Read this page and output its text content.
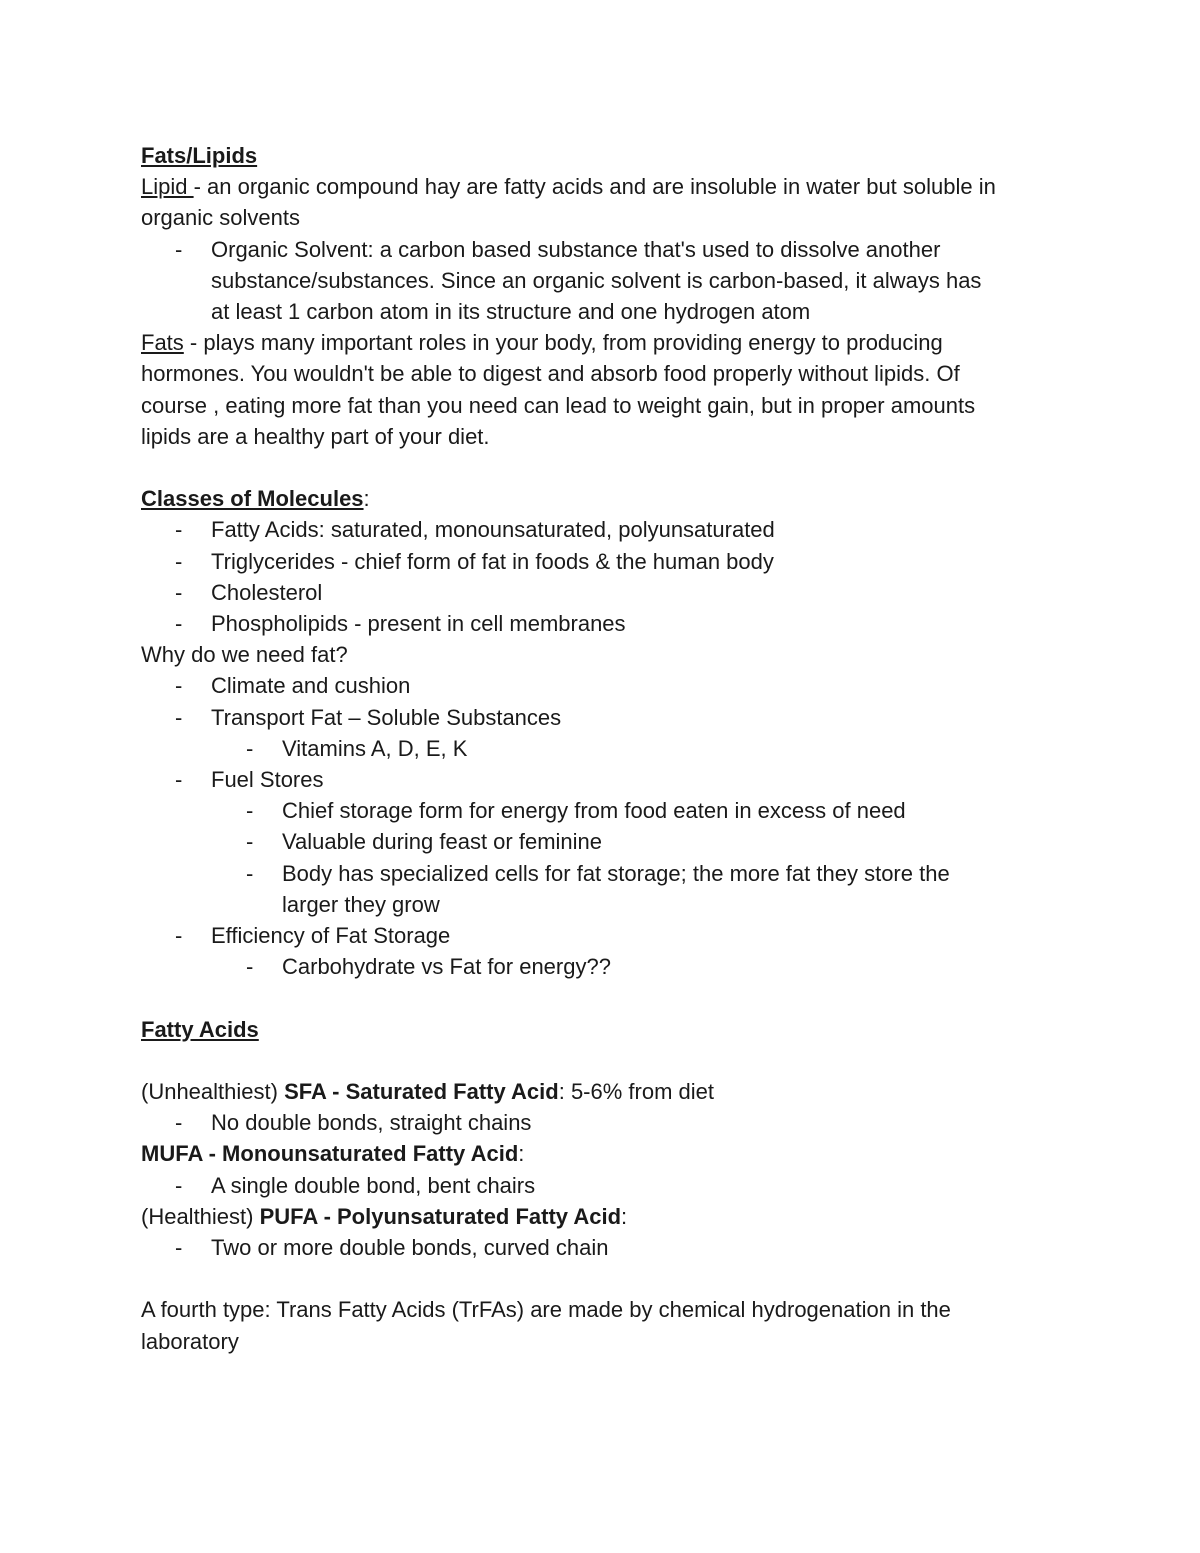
Fats/Lipids
Lipid - an organic compound hay are fatty acids and are insoluble in water but soluble in
organic solvents
- Organic Solvent: a carbon based substance that's used to dissolve another
substance/substances. Since an organic solvent is carbon-based, it always has
at least 1 carbon atom in its structure and one hydrogen atom
Fats - plays many important roles in your body, from providing energy to producing
hormones. You wouldn't be able to digest and absorb food properly without lipids. Of
course , eating more fat than you need can lead to weight gain, but in proper amounts
lipids are a healthy part of your diet.
Classes of Molecules:
- Fatty Acids: saturated, monounsaturated, polyunsaturated
- Triglycerides - chief form of fat in foods & the human body
- Cholesterol
- Phospholipids - present in cell membranes
Why do we need fat?
- Climate and cushion
- Transport Fat – Soluble Substances
- Vitamins A, D, E, K
- Fuel Stores
- Chief storage form for energy from food eaten in excess of need
- Valuable during feast or feminine
- Body has specialized cells for fat storage; the more fat they store the
larger they grow
- Efficiency of Fat Storage
- Carbohydrate vs Fat for energy??
Fatty Acids
(Unhealthiest) SFA - Saturated Fatty Acid: 5-6% from diet
- No double bonds, straight chains
MUFA - Monounsaturated Fatty Acid:
- A single double bond, bent chairs
(Healthiest) PUFA - Polyunsaturated Fatty Acid:
- Two or more double bonds, curved chain
A fourth type: Trans Fatty Acids (TrFAs) are made by chemical hydrogenation in the
laboratory
